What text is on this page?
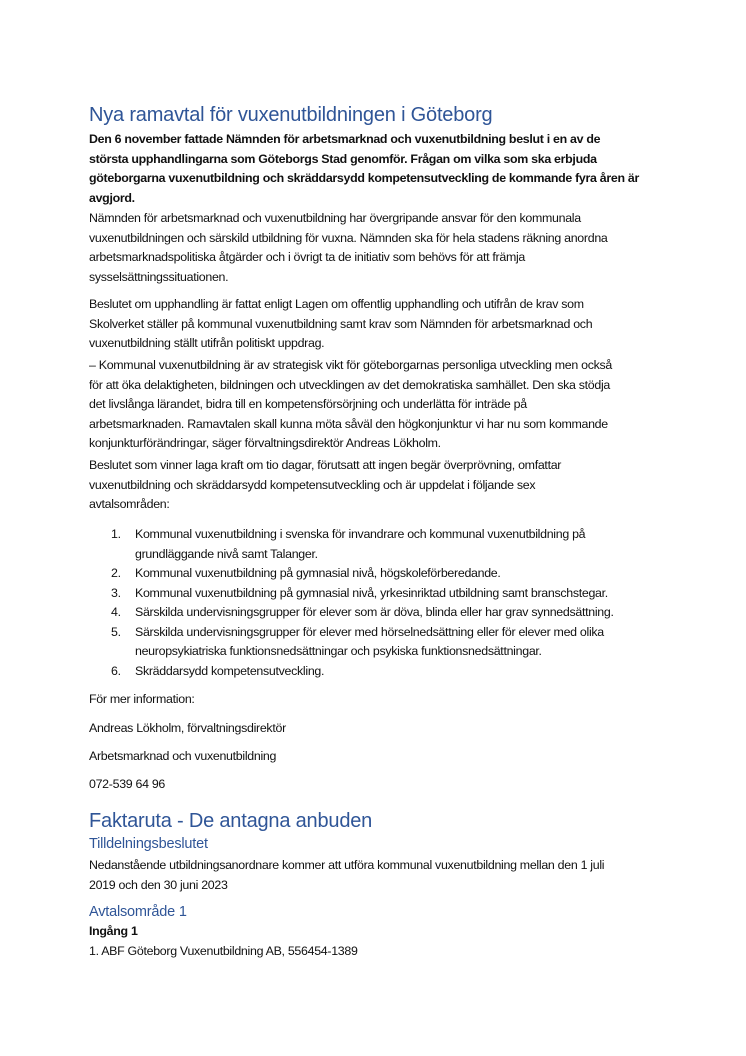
Nya ramavtal för vuxenutbildningen i Göteborg
Den 6 november fattade Nämnden för arbetsmarknad och vuxenutbildning beslut i en av de
största upphandlingarna som Göteborgs Stad genomför. Frågan om vilka som ska erbjuda
göteborgarna vuxenutbildning och skräddarsydd kompetensutveckling de kommande fyra åren är
avgjord.
Nämnden för arbetsmarknad och vuxenutbildning har övergripande ansvar för den kommunala
vuxenutbildningen och särskild utbildning för vuxna. Nämnden ska för hela stadens räkning anordna
arbetsmarknadspolitiska åtgärder och i övrigt ta de initiativ som behövs för att främja
sysselsättningssituationen.
Beslutet om upphandling är fattat enligt Lagen om offentlig upphandling och utifrån de krav som
Skolverket ställer på kommunal vuxenutbildning samt krav som Nämnden för arbetsmarknad och
vuxenutbildning ställt utifrån politiskt uppdrag.
– Kommunal vuxenutbildning är av strategisk vikt för göteborgarnas personliga utveckling men också
för att öka delaktigheten, bildningen och utvecklingen av det demokratiska samhället. Den ska stödja
det livslånga lärandet, bidra till en kompetensförsörjning och underlätta för inträde på
arbetsmarknaden. Ramavtalen skall kunna möta såväl den högkonjunktur vi har nu som kommande
konjunkturförändringar, säger förvaltningsdirektör Andreas Lökholm.
Beslutet som vinner laga kraft om tio dagar, förutsatt att ingen begär överprövning, omfattar
vuxenutbildning och skräddarsydd kompetensutveckling och är uppdelat i följande sex
avtalsområden:
1. Kommunal vuxenutbildning i svenska för invandrare och kommunal vuxenutbildning på
grundläggande nivå samt Talanger.
2. Kommunal vuxenutbildning på gymnasial nivå, högskoleförberedande.
3. Kommunal vuxenutbildning på gymnasial nivå, yrkesinriktad utbildning samt branschstegar.
4. Särskilda undervisningsgrupper för elever som är döva, blinda eller har grav synnedsättning.
5. Särskilda undervisningsgrupper för elever med hörselnedsättning eller för elever med olika
neuropsykiatriska funktionsnedsättningar och psykiska funktionsnedsättningar.
6. Skräddarsydd kompetensutveckling.
För mer information:
Andreas Lökholm, förvaltningsdirektör
Arbetsmarknad och vuxenutbildning
072-539 64 96
Faktaruta - De antagna anbuden
Tilldelningsbeslutet
Nedanstående utbildningsanordnare kommer att utföra kommunal vuxenutbildning mellan den 1 juli
2019 och den 30 juni 2023
Avtalsområde 1
Ingång 1
1. ABF Göteborg Vuxenutbildning AB, 556454-1389
